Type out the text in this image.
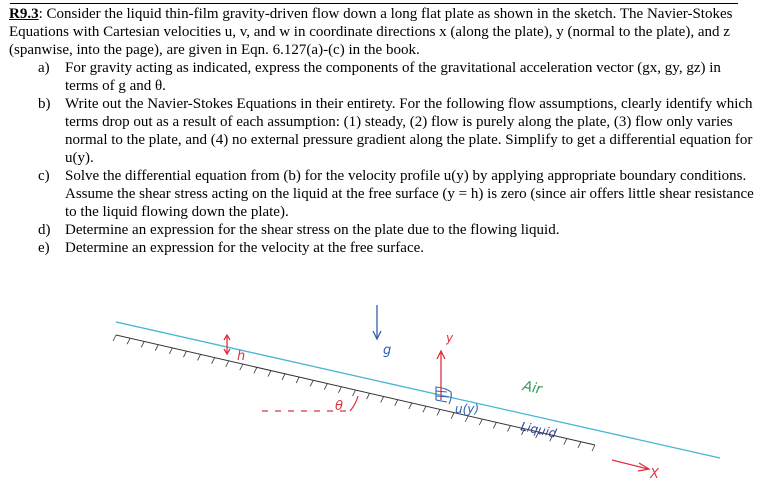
R9.3: Consider the liquid thin-film gravity-driven flow down a long flat plate as shown in the sketch. The Navier-Stokes Equations with Cartesian velocities u, v, and w in coordinate directions x (along the plate), y (normal to the plate), and z (spanwise, into the page), are given in Eqn. 6.127(a)-(c) in the book.
a) For gravity acting as indicated, express the components of the gravitational acceleration vector (gx, gy, gz) in terms of g and θ.
b) Write out the Navier-Stokes Equations in their entirety. For the following flow assumptions, clearly identify which terms drop out as a result of each assumption: (1) steady, (2) flow is purely along the plate, (3) flow only varies normal to the plate, and (4) no external pressure gradient along the plate. Simplify to get a differential equation for u(y).
c) Solve the differential equation from (b) for the velocity profile u(y) by applying appropriate boundary conditions. Assume the shear stress acting on the liquid at the free surface (y = h) is zero (since air offers little shear resistance to the liquid flowing down the plate).
d) Determine an expression for the shear stress on the plate due to the flowing liquid.
e) Determine an expression for the velocity at the free surface.
h	g
y
u(y)
θ
Air
Liquid
X
